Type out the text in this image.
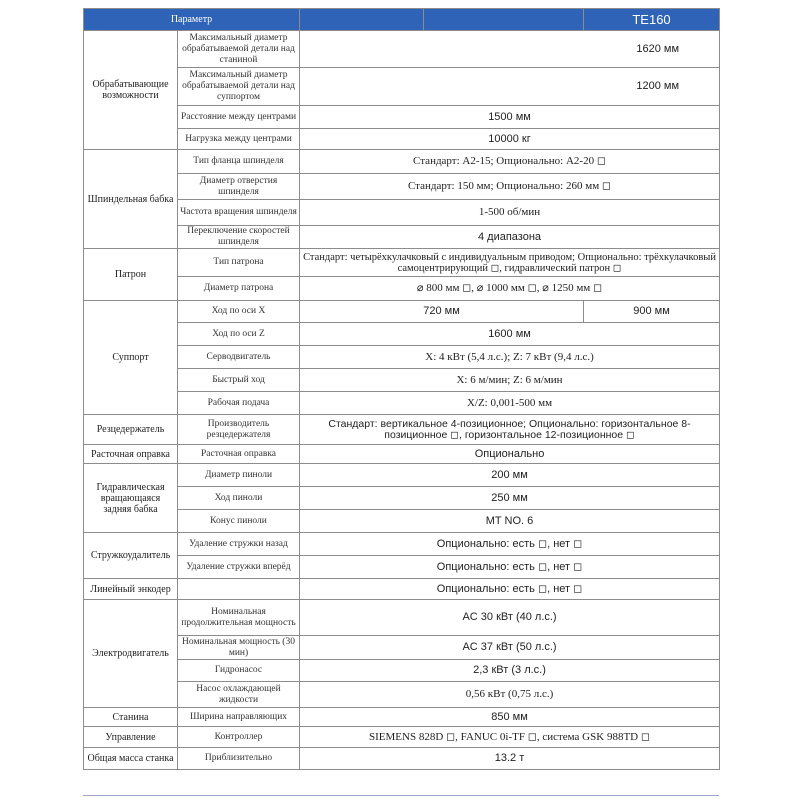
Параметр				TE160
Обрабатывающие возможности	Максимальный диаметр обрабатываемой детали над станиной	1620 мм		
	Максимальный диаметр обрабатываемой детали над суппортом	1200 мм		
	Расстояние между центрами	1500 мм		
	Нагрузка между центрами	10000 кг		
Шпиндельная бабка	Тип фланца шпинделя	Стандарт: A2-15; Опционально: A2-20 ◻		
	Диаметр отверстия шпинделя	Стандарт: 150 мм; Опционально: 260 мм ◻		
	Частота вращения шпинделя	1-500 об/мин		
	Переключение скоростей шпинделя	4 диапазона		
Патрон	Тип патрона	Стандарт: четырёхкулачковый с индивидуальным приводом; Опционально: трёхкулачковый самоцентрирующий ◻, гидравлический патрон ◻		
	Диаметр патрона	⌀ 800 мм ◻, ⌀ 1000 мм ◻, ⌀ 1250 мм ◻		
Суппорт	Ход по оси X	720 мм		900 мм
	Ход по оси Z	1600 мм		
	Серводвигатель	X: 4 кВт (5,4 л.с.); Z: 7 кВт (9,4 л.с.)		
	Быстрый ход	X: 6 м/мин; Z: 6 м/мин		
	Рабочая подача	X/Z: 0,001-500 мм		
Резцедержатель	Производитель резцедержателя	Стандарт: вертикальное 4-позиционное; Опционально: горизонтальное 8-позиционное ◻, горизонтальное 12-позиционное ◻		
Расточная оправка	Расточная оправка	Опционально		
Гидравлическая вращающаяся задняя бабка	Диаметр пиноли	200 мм		
	Ход пиноли	250 мм		
	Конус пиноли	MT NO. 6		
Стружкоудалитель	Удаление стружки назад	Опционально: есть ◻, нет ◻		
	Удаление стружки вперёд	Опционально: есть ◻, нет ◻		
Линейный энкодер		Опционально: есть ◻, нет ◻		
Электродвигатель	Номинальная продолжительная мощность	AC 30 кВт (40 л.с.)		
	Номинальная мощность (30 мин)	AC 37 кВт (50 л.с.)		
	Гидронасос	2,3 кВт (3 л.с.)		
	Насос охлаждающей жидкости	0,56 кВт (0,75 л.с.)		
Станина	Ширина направляющих	850 мм		
Управление	Контроллер	SIEMENS 828D ◻, FANUC 0i-TF ◻, система GSK 988TD ◻		
Общая масса станка	Приблизительно	13.2 т		
